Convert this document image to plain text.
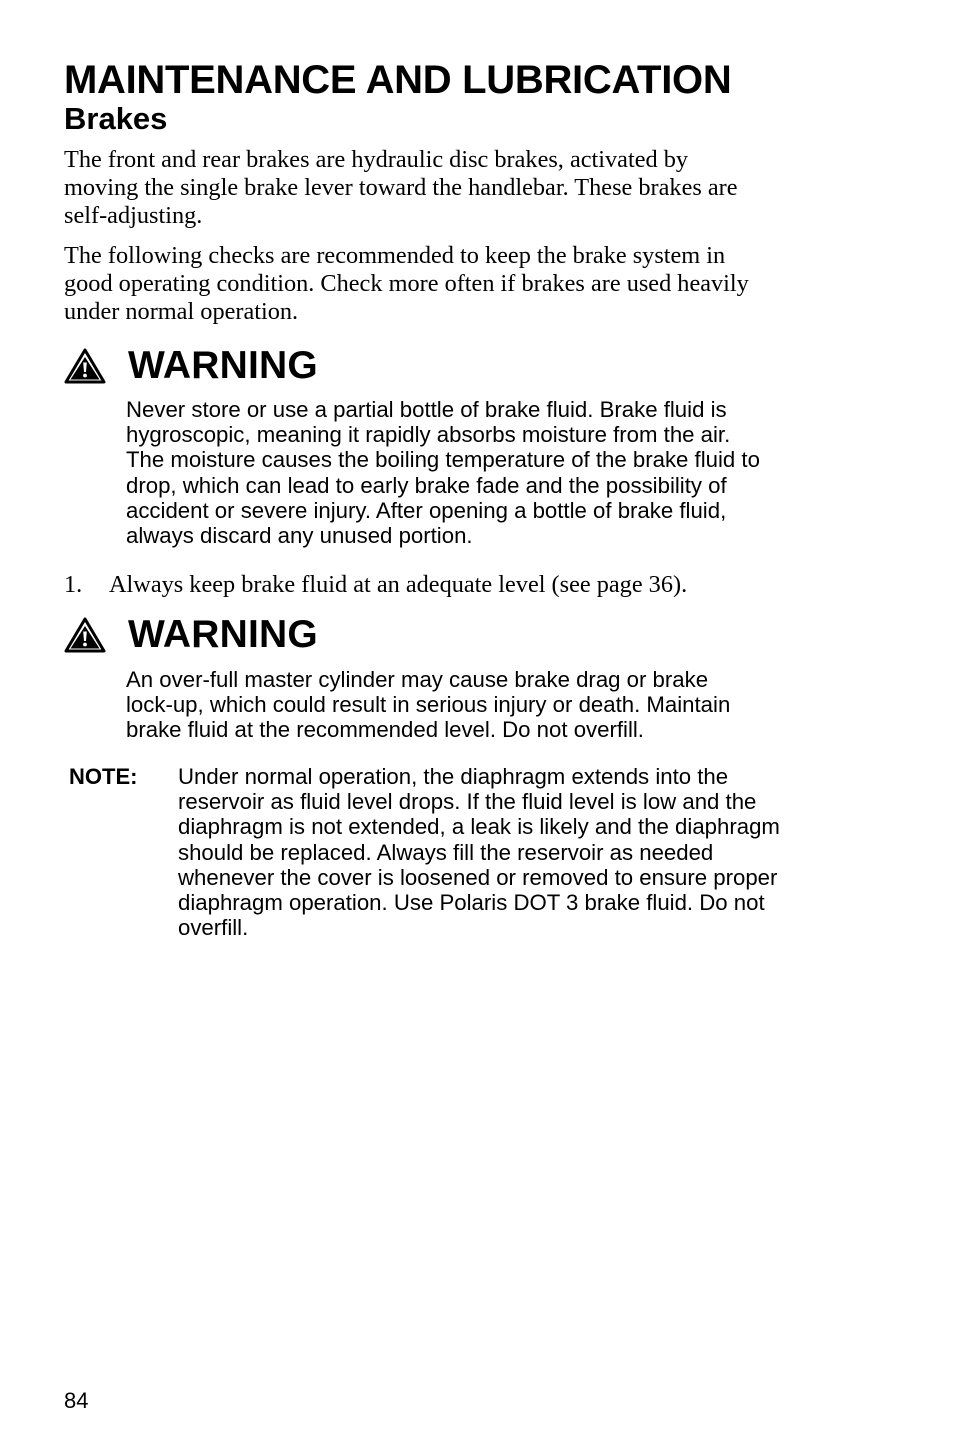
MAINTENANCE AND LUBRICATION
Brakes

The front and rear brakes are hydraulic disc brakes, activated by
moving the single brake lever toward the handlebar. These brakes are
self-adjusting.

The following checks are recommended to keep the brake system in
good operating condition. Check more often if brakes are used heavily
under normal operation.

WARNING

Never store or use a partial bottle of brake fluid. Brake fluid is
hygroscopic, meaning it rapidly absorbs moisture from the air.
The moisture causes the boiling temperature of the brake fluid to
drop, which can lead to early brake fade and the possibility of
accident or severe injury. After opening a bottle of brake fluid,
always discard any unused portion.

1. Always keep brake fluid at an adequate level (see page 36).
WARNING

An over-full master cylinder may cause brake drag or brake
lock-up, which could result in serious injury or death. Maintain
brake fluid at the recommended level. Do not overfill.

NOTE: Under normal operation, the diaphragm extends into the
reservoir as fluid level drops. If the fluid level is low and the
diaphragm is not extended, a leak is likely and the diaphragm
should be replaced. Always fill the reservoir as needed
whenever the cover is loosened or removed to ensure proper
diaphragm operation. Use Polaris DOT 3 brake fluid. Do not
overfill.

84
